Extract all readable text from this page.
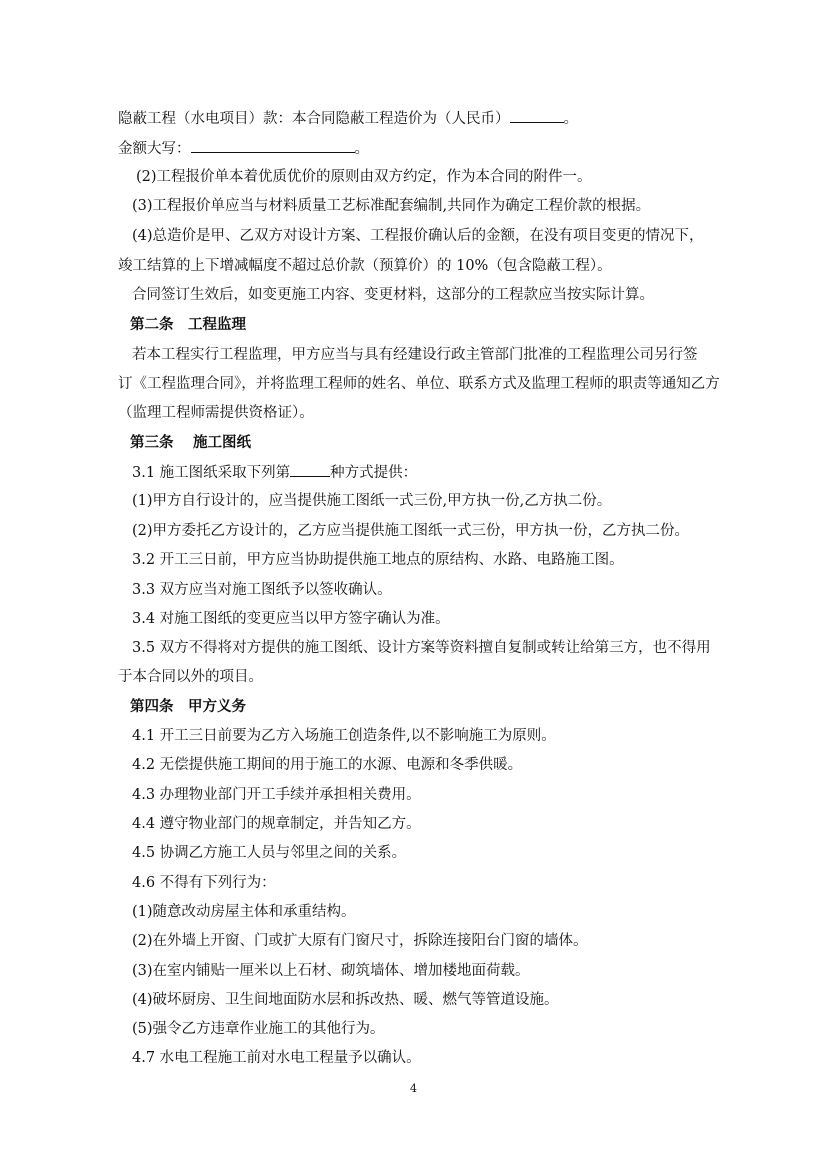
隐蔽工程（水电项目）款：本合同隐蔽工程造价为（人民币）	。
金额大写：	。
(2)工程报价单本着优质优价的原则由双方约定，作为本合同的附件一。
(3)工程报价单应当与材料质量工艺标准配套编制,共同作为确定工程价款的根据。
(4)总造价是甲、乙双方对设计方案、工程报价确认后的金额，在没有项目变更的情况下，
竣工结算的上下增减幅度不超过总价款（预算价）的 10%（包含隐蔽工程）。
合同签订生效后，如变更施工内容、变更材料，这部分的工程款应当按实际计算。
第二条　工程监理
若本工程实行工程监理，甲方应当与具有经建设行政主管部门批准的工程监理公司另行签
订《工程监理合同》，并将监理工程师的姓名、单位、联系方式及监理工程师的职责等通知乙方
（监理工程师需提供资格证）。
第三条　 施工图纸
3.1 施工图纸采取下列第	种方式提供：
(1)甲方自行设计的，应当提供施工图纸一式三份,甲方执一份,乙方执二份。
(2)甲方委托乙方设计的，乙方应当提供施工图纸一式三份，甲方执一份，乙方执二份。
3.2 开工三日前，甲方应当协助提供施工地点的原结构、水路、电路施工图。
3.3 双方应当对施工图纸予以签收确认。
3.4 对施工图纸的变更应当以甲方签字确认为准。
3.5 双方不得将对方提供的施工图纸、设计方案等资料擅自复制或转让给第三方，也不得用
于本合同以外的项目。
第四条　甲方义务
4.1 开工三日前要为乙方入场施工创造条件,以不影响施工为原则。
4.2 无偿提供施工期间的用于施工的水源、电源和冬季供暖。
4.3 办理物业部门开工手续并承担相关费用。
4.4 遵守物业部门的规章制定，并告知乙方。
4.5 协调乙方施工人员与邻里之间的关系。
4.6 不得有下列行为：
(1)随意改动房屋主体和承重结构。
(2)在外墙上开窗、门或扩大原有门窗尺寸，拆除连接阳台门窗的墙体。
(3)在室内铺贴一厘米以上石材、砌筑墙体、增加楼地面荷载。
(4)破坏厨房、卫生间地面防水层和拆改热、暖、燃气等管道设施。
(5)强令乙方违章作业施工的其他行为。
4.7 水电工程施工前对水电工程量予以确认。
4
